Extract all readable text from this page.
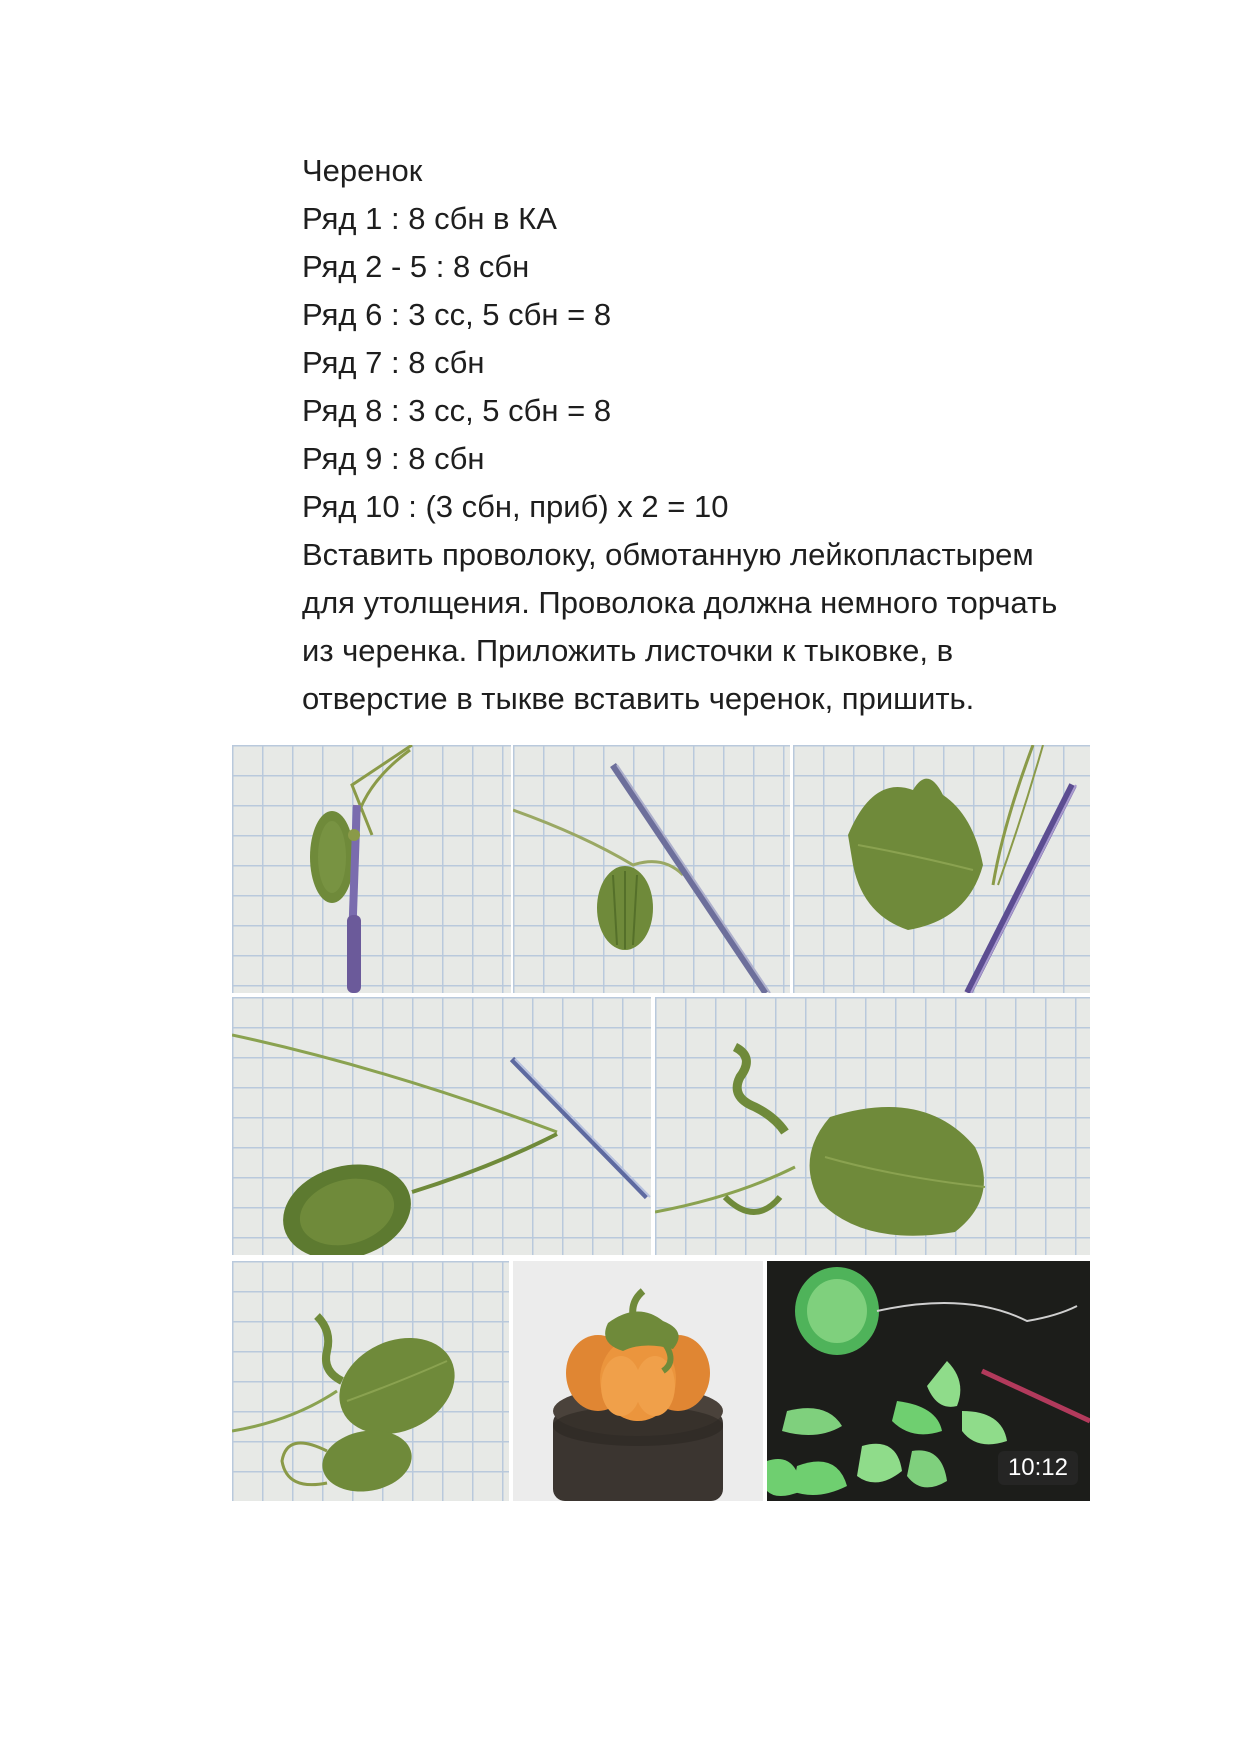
Черенок
Ряд 1 : 8 сбн в КА
Ряд 2 - 5 : 8 сбн
Ряд 6 : 3 сс, 5 сбн = 8
Ряд 7 : 8 сбн
Ряд 8 : 3 сс, 5 сбн = 8
Ряд 9 : 8 сбн
Ряд 10 : (3 сбн, приб) х 2 = 10
Вставить проволоку, обмотанную лейкопластырем
для утолщения. Проволока должна немного торчать
из черенка. Приложить листочки к тыковке, в
отверстие в тыкве вставить черенок, пришить.
10:12
